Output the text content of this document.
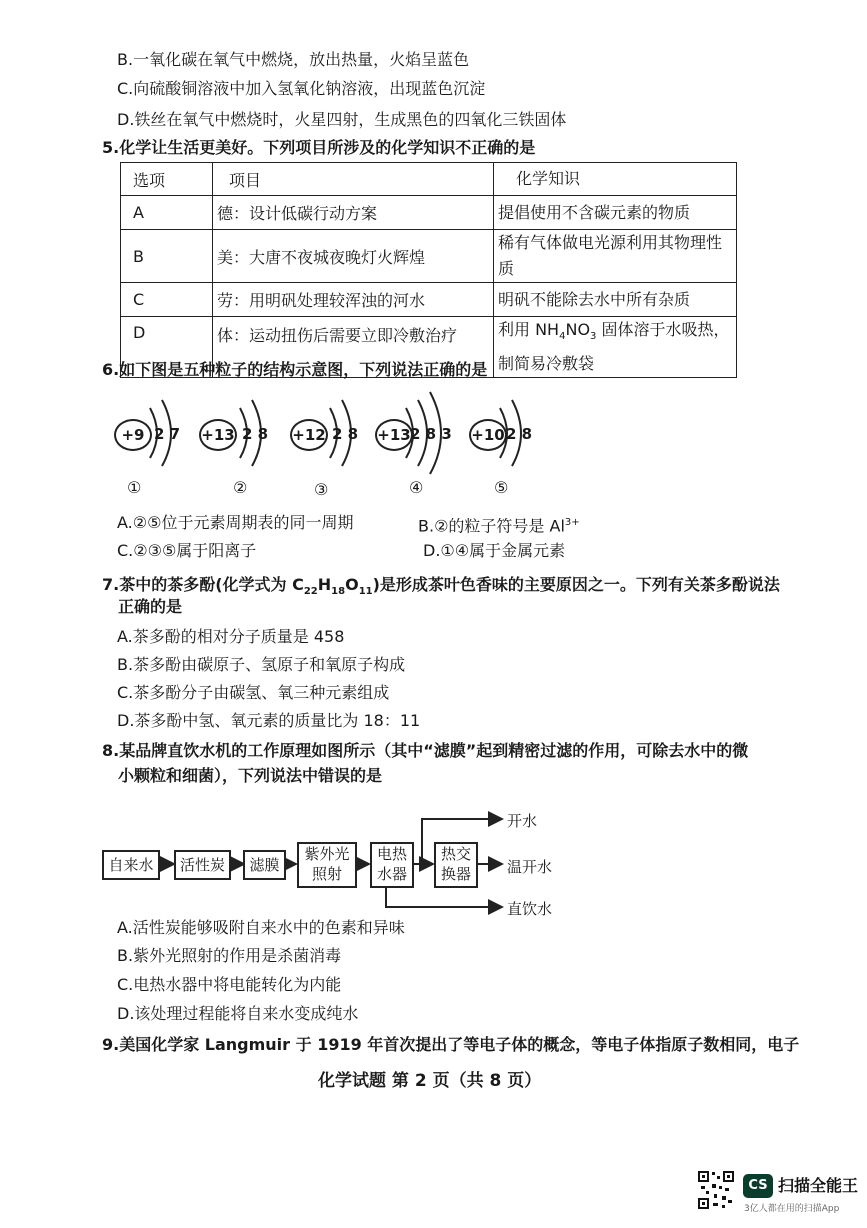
B.一氧化碳在氧气中燃烧，放出热量，火焰呈蓝色
C.向硫酸铜溶液中加入氢氧化钠溶液，出现蓝色沉淀
D.铁丝在氧气中燃烧时，火星四射，生成黑色的四氧化三铁固体
5.化学让生活更美好。下列项目所涉及的化学知识不正确的是
选项	项目	化学知识
A	德：设计低碳行动方案	提倡使用不含碳元素的物质
B	美：大唐不夜城夜晚灯火辉煌	稀有气体做电光源利用其物理性质
C	劳：用明矾处理较浑浊的河水	明矾不能除去水中所有杂质
D	体：运动扭伤后需要立即冷敷治疗	利用 $NH_4NO_3$ 固体溶于水吸热， 制简易冷敷袋
6.如下图是五种粒子的结构示意图，下列说法正确的是
+9 2 7
①
+13 2 8
②
+12 2 8
③
+13 2 8 3
④
+10 2 8
⑤
A.②⑤位于元素周期表的同一周期	B.②的粒子符号是 $Al^{3+}$
C.②③⑤属于阳离子	D.①④属于金属元素
7.茶中的茶多酚(化学式为 $C_{22}H_{18}O_{11}$)是形成茶叶色香味的主要原因之一。下列有关茶多酚说法
正确的是
A.茶多酚的相对分子质量是 458
B.茶多酚由碳原子、氢原子和氧原子构成
C.茶多酚分子由碳氢、氧三种元素组成
D.茶多酚中氢、氧元素的质量比为 18：11
8.某品牌直饮水机的工作原理如图所示（其中“滤膜”起到精密过滤的作用，可除去水中的微
小颗粒和细菌），下列说法中错误的是
自来水	活性炭	滤膜
紫外光
照射
电热
水器
热交
换器
开水
温开水
直饮水
A.活性炭能够吸附自来水中的色素和异味
B.紫外光照射的作用是杀菌消毒
C.电热水器中将电能转化为内能
D.该处理过程能将自来水变成纯水
9.美国化学家 Langmuir 于 1919 年首次提出了等电子体的概念，等电子体指原子数相同，电子
化学试题 第 2 页（共 8 页）
CS 扫描全能王
3亿人都在用的扫描App
